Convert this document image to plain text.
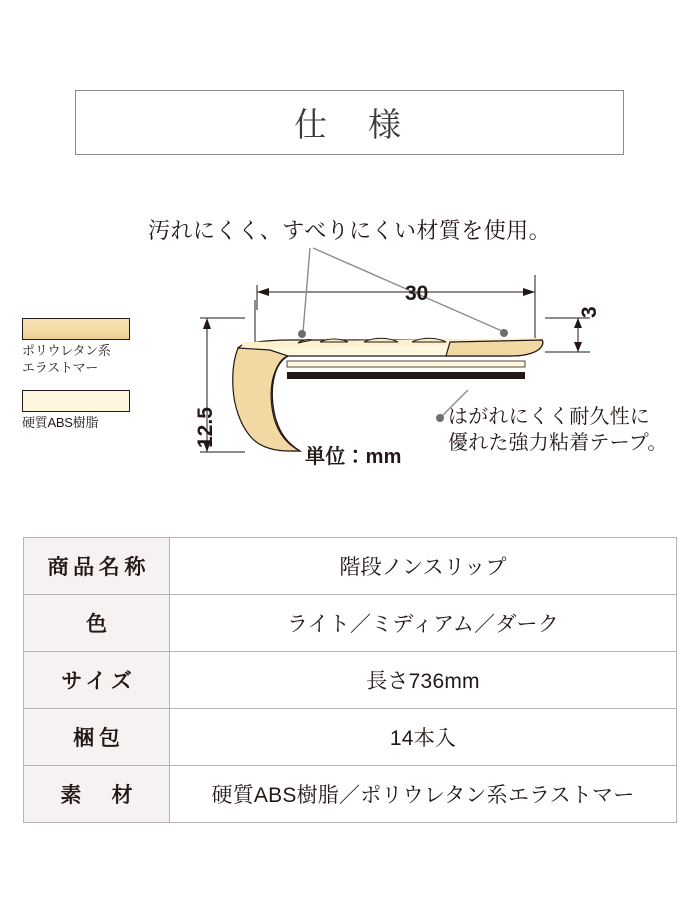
仕　様
汚れにくく、すべりにくい材質を使用。
ポリウレタン系
エラストマー
硬質ABS樹脂
30
3
12.5	はがれにくく耐久性に
優れた強力粘着テープ。
単位：mm
商品名称	階段ノンスリップ
色	ライト／ミディアム／ダーク
サイズ	長さ736mm
梱包	14本入
素　材	硬質ABS樹脂／ポリウレタン系エラストマー
